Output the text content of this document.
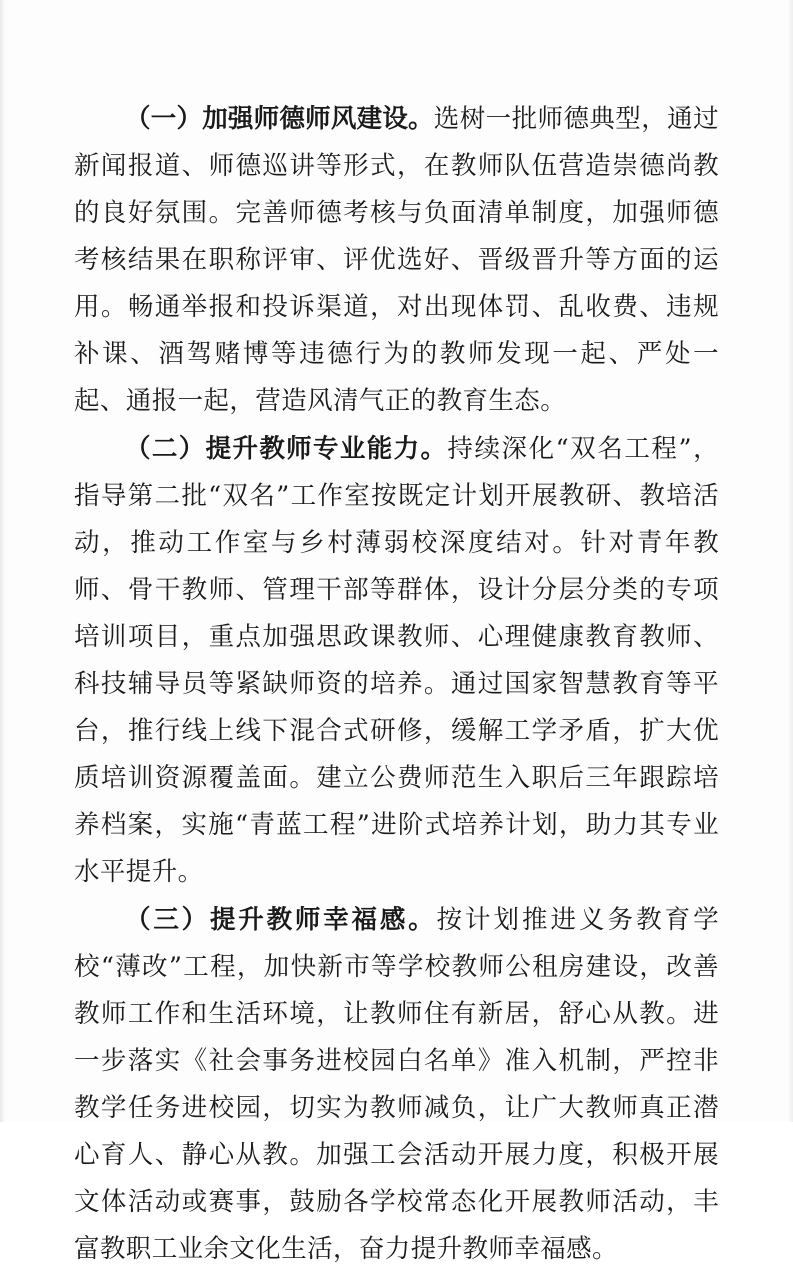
（一）加强师德师风建设。选树一批师德典型，通过新闻报道、师德巡讲等形式，在教师队伍营造崇德尚教的良好氛围。完善师德考核与负面清单制度，加强师德考核结果在职称评审、评优选好、晋级晋升等方面的运用。畅通举报和投诉渠道，对出现体罚、乱收费、违规补课、酒驾赌博等违德行为的教师发现一起、严处一起、通报一起，营造风清气正的教育生态。

（二）提升教师专业能力。持续深化“双名工程”，指导第二批“双名”工作室按既定计划开展教研、教培活动，推动工作室与乡村薄弱校深度结对。针对青年教师、骨干教师、管理干部等群体，设计分层分类的专项培训项目，重点加强思政课教师、心理健康教育教师、科技辅导员等紧缺师资的培养。通过国家智慧教育等平台，推行线上线下混合式研修，缓解工学矛盾，扩大优质培训资源覆盖面。建立公费师范生入职后三年跟踪培养档案，实施“青蓝工程”进阶式培养计划，助力其专业水平提升。

（三）提升教师幸福感。按计划推进义务教育学校“薄改”工程，加快新市等学校教师公租房建设，改善教师工作和生活环境，让教师住有新居，舒心从教。进一步落实《社会事务进校园白名单》准入机制，严控非教学任务进校园，切实为教师减负，让广大教师真正潜心育人、静心从教。加强工会活动开展力度，积极开展文体活动或赛事，鼓励各学校常态化开展教师活动，丰富教职工业余文化生活，奋力提升教师幸福感。
